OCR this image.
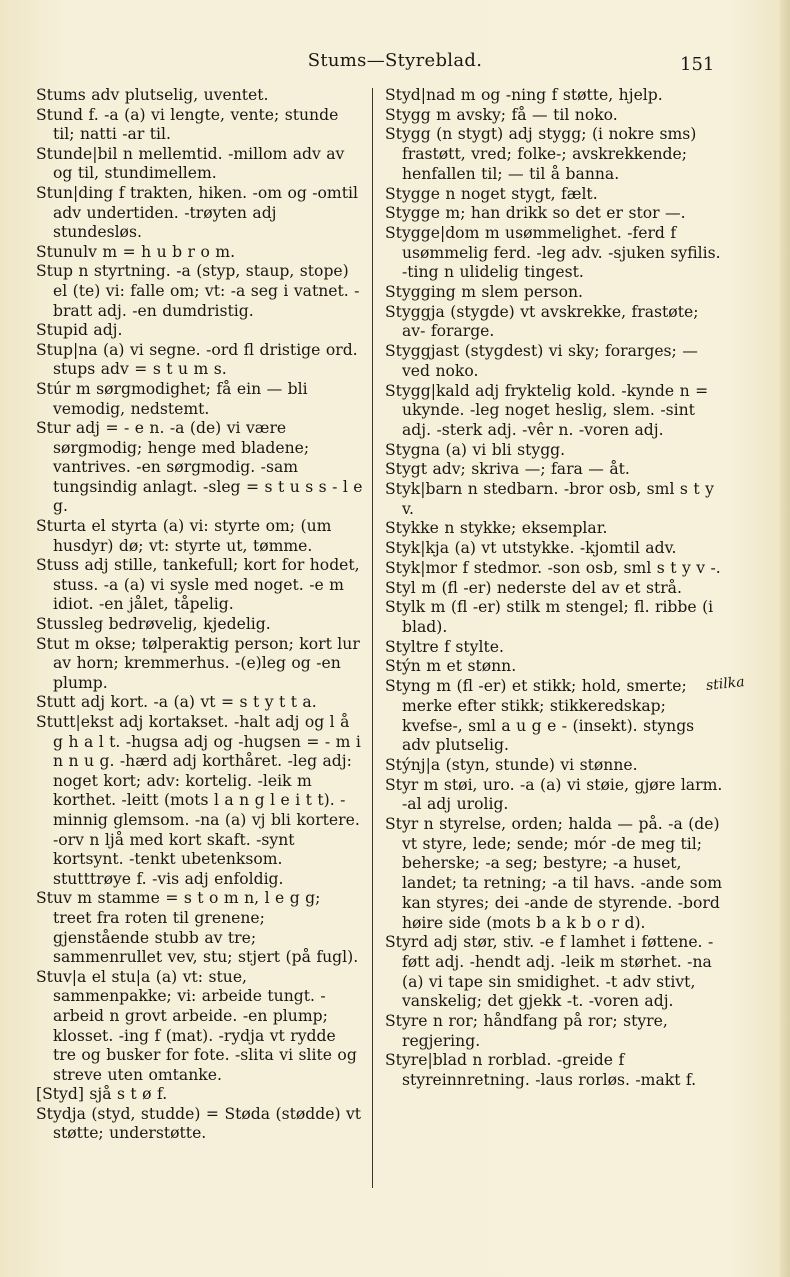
Stums—Styreblad.	151

Stums adv plutselig, uventet.

Stund f. -a (a) vi lengte, vente; stunde til; natti -ar til.

Stunde|bil n mellemtid. -millom adv av og til, stundimellem.

Stun|ding f trakten, hiken. -om og -omtil adv undertiden. -trøyten adj stundesløs.

Stunulv m = h u b r o m.

Stup n styrtning. -a (styp, staup, stope) el (te) vi: falle om; vt: -a seg i vatnet. -bratt adj. -en dumdristig.

Stupid adj.

Stup|na (a) vi segne. -ord fl dristige ord. stups adv = s t u m s.

Stúr m sørgmodighet; få ein — bli vemodig, nedstemt.

Stur adj = - e n. -a (de) vi være sørgmodig; henge med bladene; vantrives. -en sørgmodig. -sam tungsindig anlagt. -sleg = s t u s s - l e g.

Sturta el styrta (a) vi: styrte om; (um husdyr) dø; vt: styrte ut, tømme.

Stuss adj stille, tankefull; kort for hodet, stuss. -a (a) vi sysle med noget. -e m idiot. -en jålet, tåpelig.

Stussleg bedrøvelig, kjedelig.

Stut m okse; tølperaktig person; kort lur av horn; kremmerhus. -(e)leg og -en plump.

Stutt adj kort. -a (a) vt = s t y t t a.

Stutt|ekst adj kortakset. -halt adj og l å g h a l t. -hugsa adj og -hugsen = - m i n n u g. -hærd adj korthåret. -leg adj: noget kort; adv: kortelig. -leik m korthet. -leitt (mots l a n g l e i t t). -minnig glemsom. -na (a) vj bli kortere. -orv n ljå med kort skaft. -synt kortsynt. -tenkt ubetenksom. stutttrøye f. -vis adj enfoldig.

Stuv m stamme = s t o m n, l e g g; treet fra roten til grenene; gjenstående stubb av tre; sammenrullet vev, stu; stjert (på fugl).

Stuv|a el stu|a (a) vt: stue, sammenpakke; vi: arbeide tungt. -arbeid n grovt arbeide. -en plump; klosset. -ing f (mat). -rydja vt rydde tre og busker for fote. -slita vi slite og streve uten omtanke.

[Styd] sjå s t ø f.

Stydja (styd, studde) = Støda (stødde) vt støtte; understøtte.

Styd|nad m og -ning f støtte, hjelp.

Stygg m avsky; få — til noko.

Stygg (n stygt) adj stygg; (i nokre sms) frastøtt, vred; folke-; avskrekkende; henfallen til; — til å banna.

Stygge n noget stygt, fælt.

Stygge m; han drikk so det er stor —.

Stygge|dom m usømmelighet. -ferd f usømmelig ferd. -leg adv. -sjuken syfilis. -ting n ulidelig tingest.

Stygging m slem person.

Styggja (stygde) vt avskrekke, frastøte; av- forarge.

Styggjast (stygdest) vi sky; forarges; — ved noko.

Stygg|kald adj fryktelig kold. -kynde n = ukynde. -leg noget heslig, slem. -sint adj. -sterk adj. -vêr n. -voren adj.

Stygna (a) vi bli stygg.

Stygt adv; skriva —; fara — åt.

Styk|barn n stedbarn. -bror osb, sml s t y v.

Stykke n stykke; eksemplar.

Styk|kja (a) vt utstykke. -kjomtil adv.

Styk|mor f stedmor. -son osb, sml s t y v -.

Styl m (fl -er) nederste del av et strå.

Stylk m (fl -er) stilk m stengel; fl. ribbe (i blad).

Styltre f stylte.

Stýn m et stønn.

Styng m (fl -er) et stikk; hold, smerte; merke efter stikk; stikkeredskap; kvefse-, sml a u g e - (insekt). styngs adv plutselig.

Stýnj|a (styn, stunde) vi stønne.

Styr m støi, uro. -a (a) vi støie, gjøre larm. -al adj urolig.

Styr n styrelse, orden; halda — på. -a (de) vt styre, lede; sende; mór -de meg til; beherske; -a seg; bestyre; -a huset, landet; ta retning; -a til havs. -ande som kan styres; dei -ande de styrende. -bord høire side (mots b a k b o r d).

Styrd adj stør, stiv. -e f lamhet i føttene. -føtt adj. -hendt adj. -leik m størhet. -na (a) vi tape sin smidighet. -t adv stivt, vanskelig; det gjekk -t. -voren adj.

Styre n ror; håndfang på ror; styre, regjering.

Styre|blad n rorblad. -greide f styreinnretning. -laus rorløs. -makt f.

stilka
